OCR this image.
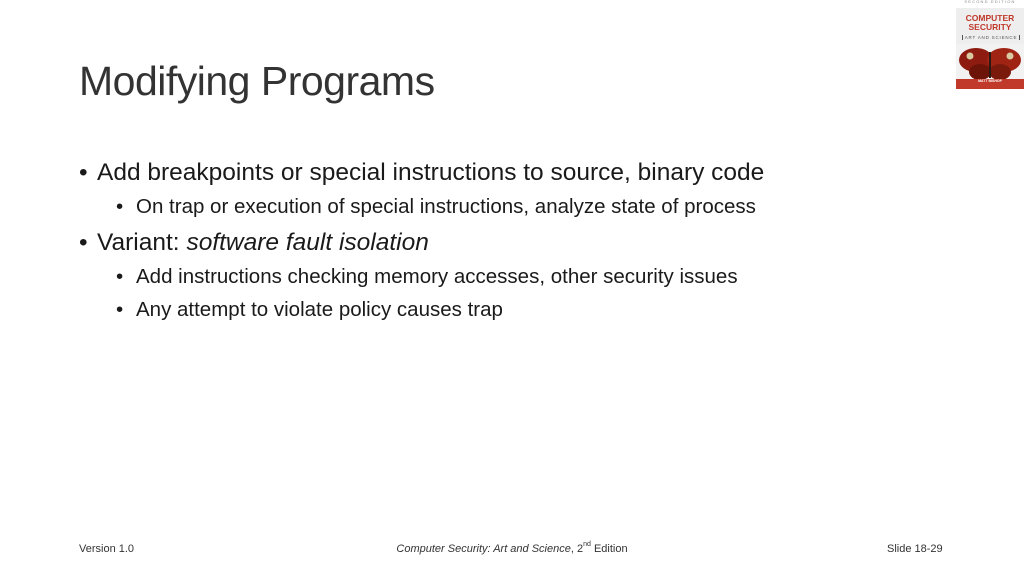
Modifying Programs
• Add breakpoints or special instructions to source, binary code
• On trap or execution of special instructions, analyze state of process
• Variant: software fault isolation
• Add instructions checking memory accesses, other security issues
• Any attempt to violate policy causes trap
SECOND EDITION
COMPUTER
SECURITY
ART AND SCIENCE
MATT BISHOP
Version 1.0	Computer Security: Art and Science, 2nd Edition	Slide 18-29
